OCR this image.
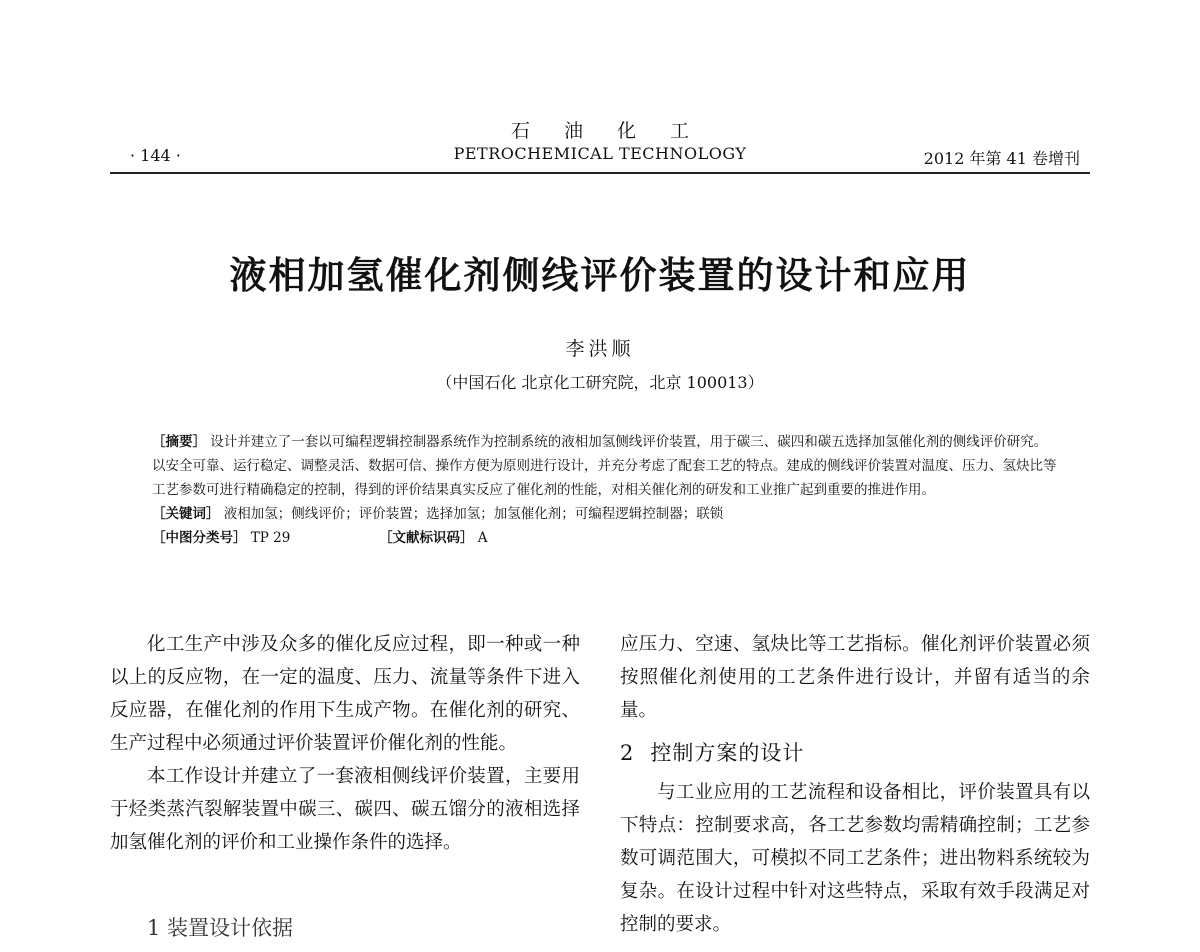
石油化工
· 144 ·	PETROCHEMICAL TECHNOLOGY	2012 年第 41 卷增刊
液相加氢催化剂侧线评价装置的设计和应用
李洪顺
（中国石化 北京化工研究院，北京 100013）

［摘要］ 设计并建立了一套以可编程逻辑控制器系统作为控制系统的液相加氢侧线评价装置，用于碳三、碳四和碳五选择加氢催化剂的侧线评价研究。以安全可靠、运行稳定、调整灵活、数据可信、操作方便为原则进行设计，并充分考虑了配套工艺的特点。建成的侧线评价装置对温度、压力、氢炔比等工艺参数可进行精确稳定的控制，得到的评价结果真实反应了催化剂的性能，对相关催化剂的研发和工业推广起到重要的推进作用。

［关键词］ 液相加氢；侧线评价；评价装置；选择加氢；加氢催化剂；可编程逻辑控制器；联锁

［中图分类号］ TP 29	［文献标识码］ A

化工生产中涉及众多的催化反应过程，即一种或一种以上的反应物，在一定的温度、压力、流量等条件下进入反应器，在催化剂的作用下生成产物。在催化剂的研究、生产过程中必须通过评价装置评价催化剂的性能。

本工作设计并建立了一套液相侧线评价装置，主要用于烃类蒸汽裂解装置中碳三、碳四、碳五馏分的液相选择加氢催化剂的评价和工业操作条件的选择。

1 装置设计依据

应压力、空速、氢炔比等工艺指标。催化剂评价装置必须按照催化剂使用的工艺条件进行设计，并留有适当的余量。

2 控制方案的设计

与工业应用的工艺流程和设备相比，评价装置具有以下特点：控制要求高，各工艺参数均需精确控制；工艺参数可调范围大，可模拟不同工艺条件；进出物料系统较为复杂。在设计过程中针对这些特点，采取有效手段满足对控制的要求。
